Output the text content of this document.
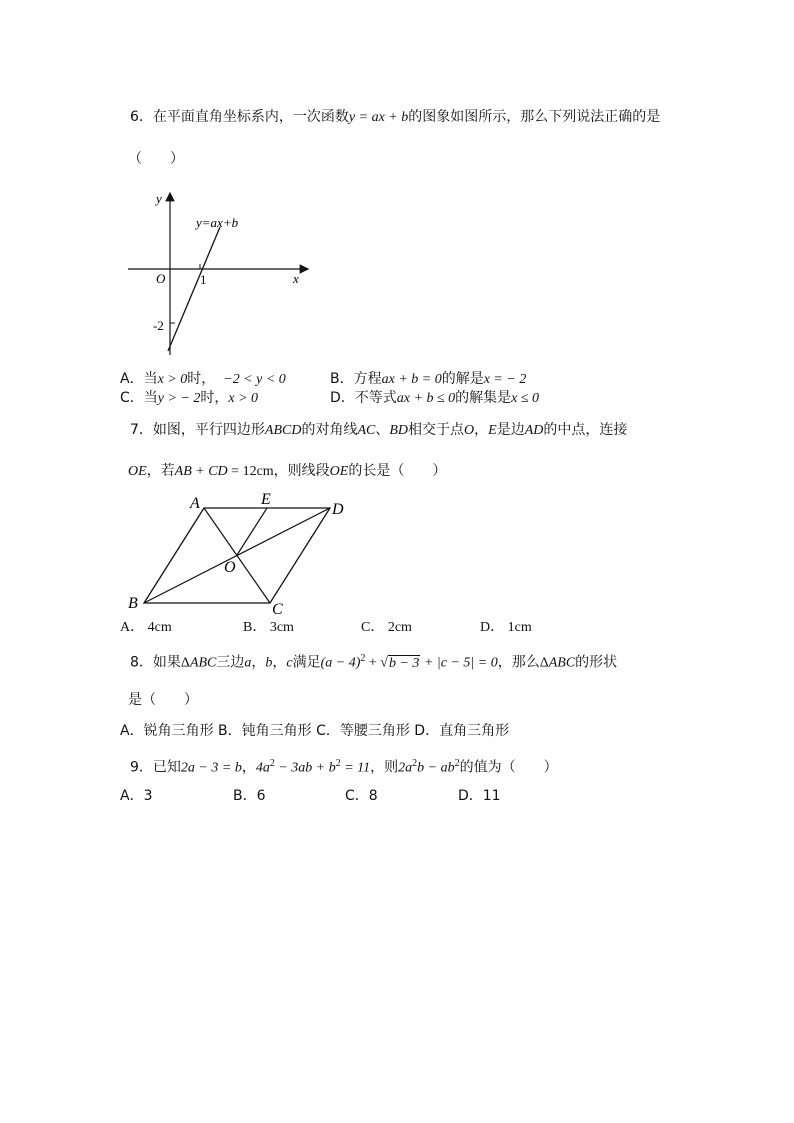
6．在平面直角坐标系内，一次函数y = ax + b的图象如图所示，那么下列说法正确的是
（　　）
y
x
O
y=ax+b
1
-2
A．当x > 0时， −2 < y < 0	B．方程ax + b = 0的解是x = − 2
C．当y > − 2时，x > 0	D．不等式ax + b ≤ 0的解集是x ≤ 0
7．如图，平行四边形ABCD的对角线AC、BD相交于点O，E是边AD的中点，连接
OE，若AB + CD = 12cm，则线段OE的长是（　　）
A	E
D
O
B	C
A． 4cm	B． 3cm	C． 2cm	D． 1cm
8．如果ΔABC三边a，b，c满足$(a - 4)^2 + √b - 3 + |c - 5| = 0$，那么ΔABC的形状
是（　　）
A．锐角三角形 B．钝角三角形 C．等腰三角形 D．直角三角形
9．已知2a − 3 = b，$4a^2 - 3ab + b^2 = 11$，则$2a^2b - ab^2$的值为（　　）
A．3	B．6	C．8	D．11
